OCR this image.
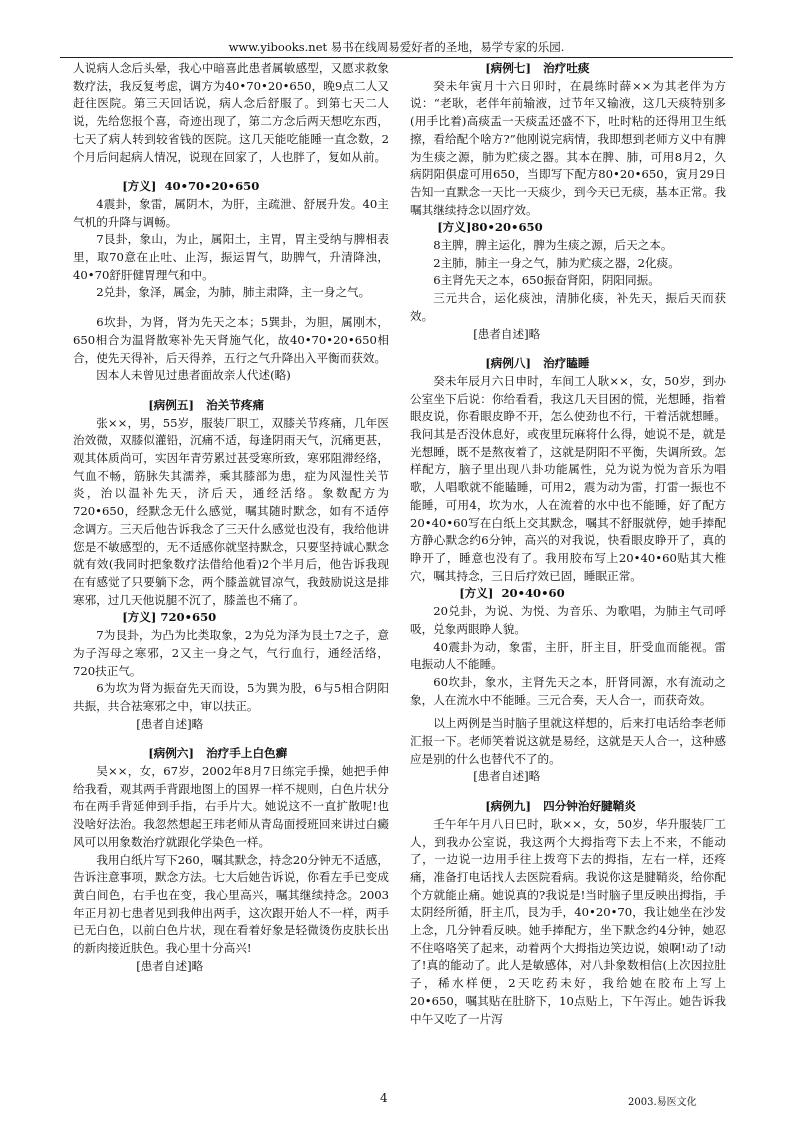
www.yibooks.net 易书在线周易爱好者的圣地，易学专家的乐园.

人说病人念后头晕，我心中暗喜此患者属敏感型，又愿求救象数疗法，我反复考虑，调方为40•70•20•650，晚9点二人又赶往医院。第三天回话说，病人念后舒服了。到第七天二人说，先给您报个喜，奇迹出现了，第二方念后两天想吃东西，七天了病人转到较省钱的医院。这几天能吃能睡一直念数，2个月后问起病人情况，说现在回家了，人也胖了，复如从前。

[方义] 40•70•20•650

4震卦，象雷，属阴木，为肝，主疏泄、舒展升发。40主气机的升降与调畅。

7艮卦，象山，为止，属阳土，主胃，胃主受纳与脾相表里，取70意在止吐、止泻，振运胃气，助脾气，升清降浊，40•70舒肝健胃理气和中。

2兑卦，象泽，属金，为肺，肺主肃降，主一身之气。

6坎卦，为肾，肾为先天之本；5巽卦，为胆，属刚木，650相合为温肾散寒补先天肾施气化，故40•70•20•650相合，使先天得补，后天得养，五行之气升降出入平衡而获效。

因本人未曾见过患者面故亲人代述(略)

[病例五] 治关节疼痛

张××，男，55岁，服装厂职工，双膝关节疼痛，几年医治效微，双膝似灌铅，沉痛不适，每逢阴雨天气，沉痛更甚，观其体质尚可，实因年青劳累过甚受寒所致，寒邪阻滞经络，气血不畅，筋脉失其濡养，乘其膝部为患，症为风湿性关节炎，治以温补先天，济后天，通经活络。象数配方为720•650，经默念无什么感觉，嘱其随时默念，如有不适停念调方。三天后他告诉我念了三天什么感觉也没有，我给他讲您是不敏感型的，无不适感你就坚持默念，只要坚持诚心默念就有效(我同时把象数疗法借给他看)2个半月后，他告诉我现在有感觉了只要躺下念，两个膝盖就冒凉气，我鼓励说这是排寒邪，过几天他说腿不沉了，膝盖也不痛了。

[方义] 720•650

7为艮卦，为凸为比类取象，2为兑为泽为艮土7之子，意为子泻母之寒邪，2又主一身之气，气行血行，通经活络，720扶正气。

6为坎为肾为振奋先天而设，5为巽为股，6与5相合阴阳共振，共合祛寒邪之中，审以扶正。

[患者自述]略

[病例六] 治疗手上白色癣

吴××，女，67岁，2002年8月7日练完手操，她把手伸给我看，观其两手背跟地图上的国界一样不规则，白色片状分布在两手背延伸到手指，右手片大。她说这不一直扩散呢!也没啥好法治。我忽然想起王玮老师从青岛面授班回来讲过白癜风可以用象数治疗就跟化学染色一样。

我用白纸片写下260，嘱其默念，持念20分钟无不适感，告诉注意事项，默念方法。七大后她告诉说，你看左手已变成黄白间色，右手也在变，我心里高兴，嘱其继续持念。2003年正月初七患者见到我伸出两手，这次跟开始人不一样，两手已无白色，以前白色片状，现在看着好象是轻微烫伤皮肤长出的新肉接近肤色。我心里十分高兴!

[患者自述]略

[病例七] 治疗吐痰

癸未年寅月十六日卯时，在晨练时薛××为其老伴为方说：“老耿，老伴年前输液，过节年又输液，这几天痰特别多(用手比着)高痰盂一天痰盂还盛不下，吐时粘的还得用卫生纸擦，看给配个啥方?”他刚说完病情，我即想到老师方义中有脾为生痰之源，肺为贮痰之器。其本在脾、肺，可用8月2，久病阴阳俱虚可用650，当即写下配方80•20•650，寅月29日告知一直默念一天比一天痰少，到今天已无痰，基本正常。我嘱其继续持念以固疗效。

[方义]80•20•650

8主脾，脾主运化，脾为生痰之源，后天之本。

2主肺，肺主一身之气，肺为贮痰之器，2化痰。

6主肾先天之本，650振奋肾阳，阴阳同振。

三元共合，运化痰浊，清肺化痰，补先天，振后天而获效。

[患者自述]略

[病例八] 治疗瞌睡

癸未年辰月六日申时，车间工人耿××，女，50岁，到办公室坐下后说：你给看看，我这几天目困的慌，光想睡，指着眼皮说，你看眼皮睁不开，怎么使劲也不行，干着活就想睡。我问其是否没休息好，或夜里玩麻将什么得，她说不是，就是光想睡，既不是熬夜着了，这就是阴阳不平衡，失调所致。怎样配方，脑子里出现八卦功能属性，兑为说为悦为音乐为唱歌，人唱歌就不能瞌睡，可用2，震为动为雷，打雷一振也不能睡，可用4，坎为水，人在流着的水中也不能睡，好了配方20•40•60写在白纸上交其默念，嘱其不舒服就停，她手捧配方静心默念约6分钟，高兴的对我说，快看眼皮睁开了，真的睁开了，睡意也没有了。我用胶布写上20•40•60贴其大椎穴，嘱其持念，三日后疗效已固，睡眠正常。

[方义] 20•40•60

20兑卦，为说、为悦、为音乐、为歌唱，为肺主气司呼吸，兑象两眼睁人貌。

40震卦为动，象雷，主肝，肝主目，肝受血而能视。雷电振动人不能睡。

60坎卦，象水，主肾先天之本，肝肾同源，水有流动之象，人在流水中不能睡。三元合奏，天人合一，而获奇效。

以上两例是当时脑子里就这样想的，后来打电话给李老师汇报一下。老师笑着说这就是易经，这就是天人合一，这种感应是别的什么也替代不了的。

[患者自述]略

[病例九] 四分钟治好腱鞘炎

壬午年午月八日巳时，耿××，女，50岁，华升服装厂工人，到我办公室说，我这两个大拇指弯下去上不来，不能动了，一边说一边用手往上拨弯下去的拇指，左右一样，还疼痛，准备打电话找人去医院看病。我说你这是腱鞘炎，给你配个方就能止痛。她说真的?我说是!当时脑子里反映出拇指，手太阴经所循，肝主爪，艮为手，40•20•70，我让她坐在沙发上念，几分钟看反映。她手捧配方，坐下默念约4分钟，她忍不住咯咯笑了起来，动着两个大拇指边笑边说，娘啊!动了!动了!真的能动了。此人是敏感体，对八卦象数相信(上次因拉肚子，稀水样便，2天吃药未好，我给她在胶布上写上20•650，嘱其贴在肚脐下，10点贴上，下午泻止。她告诉我中午又吃了一片泻

4	2003.易医文化
